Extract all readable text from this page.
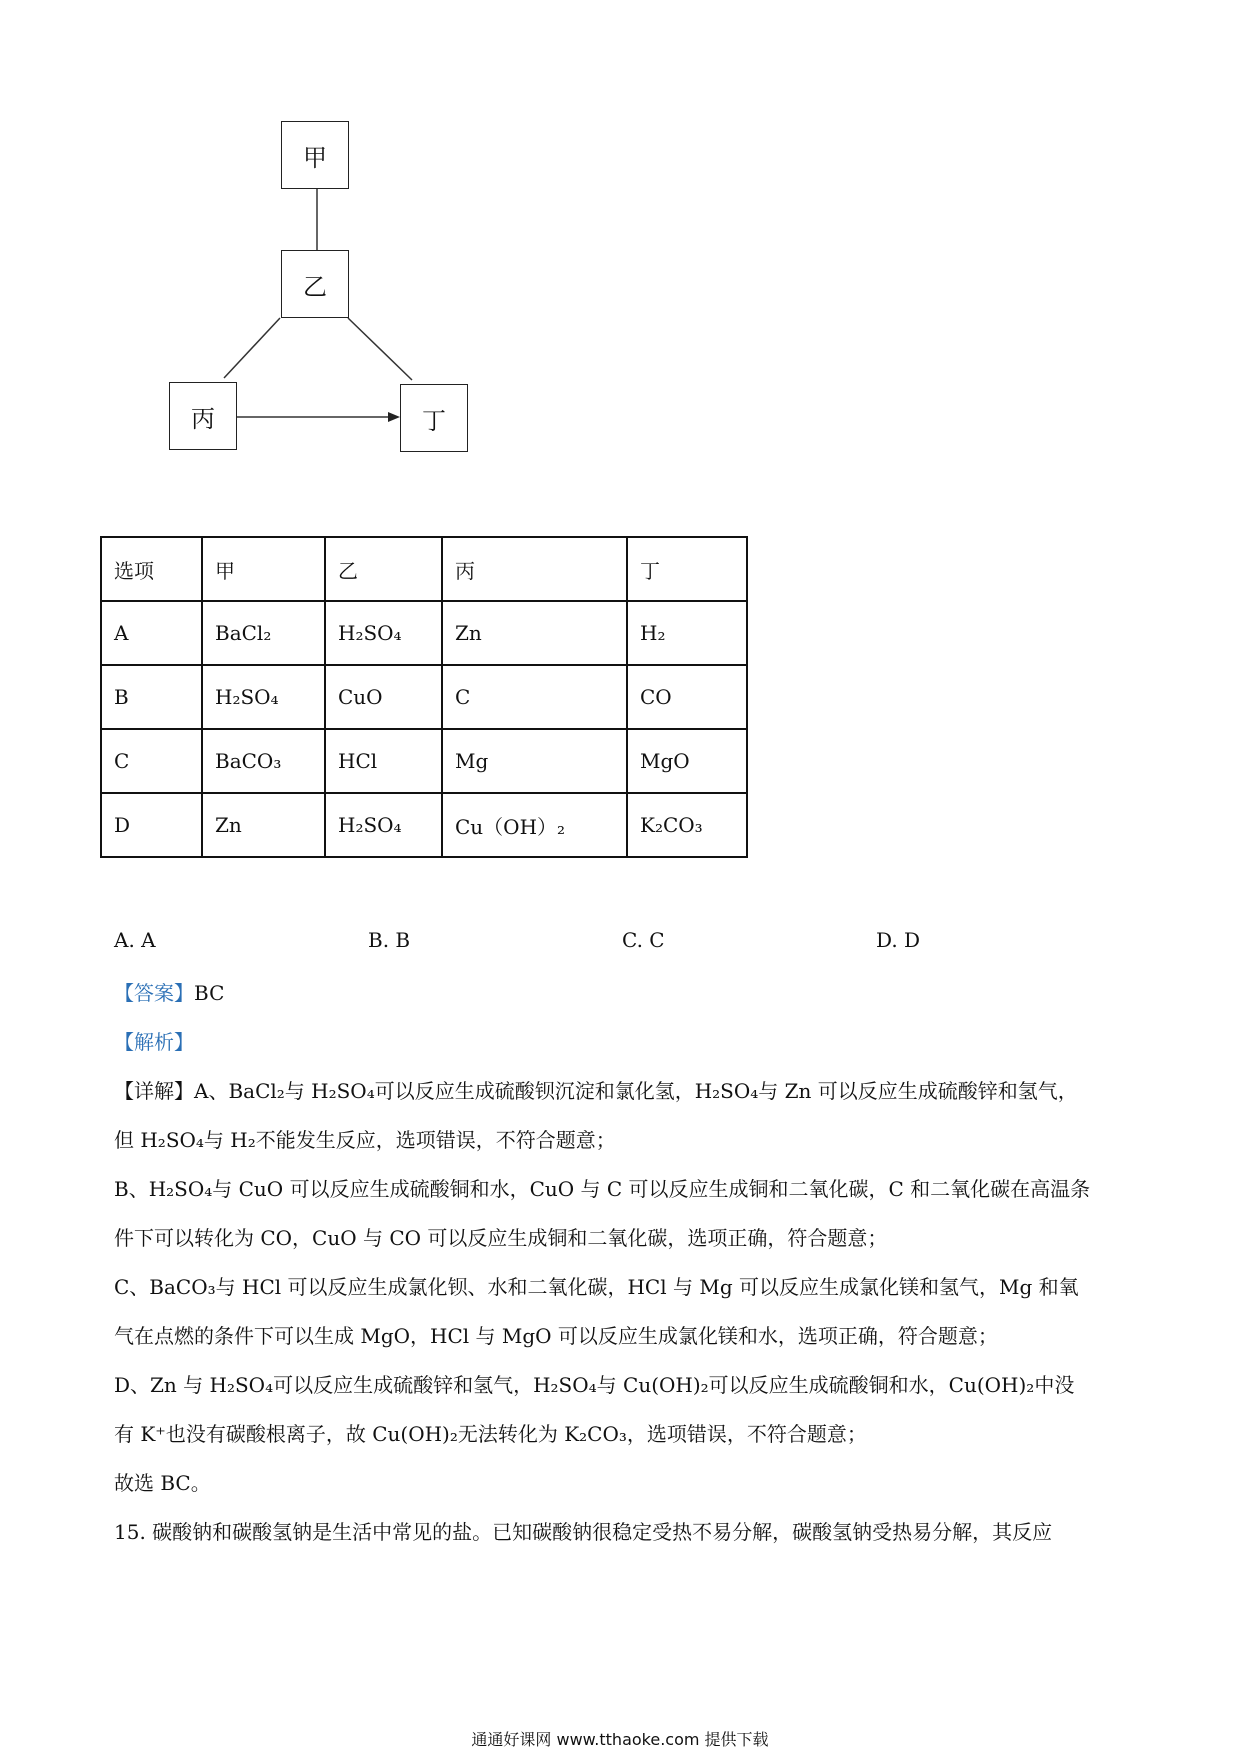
甲
乙
丙	丁
选项	甲	乙	丙	丁
A	BaCl₂	H₂SO₄	Zn	H₂
B	H₂SO₄	CuO	C	CO
C	BaCO₃	HCl	Mg	MgO
D	Zn	H₂SO₄	Cu（OH）₂	K₂CO₃
A. A	B. B	C. C	D. D
【答案】BC
【解析】
【详解】A、BaCl₂与 H₂SO₄可以反应生成硫酸钡沉淀和氯化氢，H₂SO₄与 Zn 可以反应生成硫酸锌和氢气，
但 H₂SO₄与 H₂不能发生反应，选项错误，不符合题意；
B、H₂SO₄与 CuO 可以反应生成硫酸铜和水，CuO 与 C 可以反应生成铜和二氧化碳，C 和二氧化碳在高温条
件下可以转化为 CO，CuO 与 CO 可以反应生成铜和二氧化碳，选项正确，符合题意；
C、BaCO₃与 HCl 可以反应生成氯化钡、水和二氧化碳，HCl 与 Mg 可以反应生成氯化镁和氢气，Mg 和氧
气在点燃的条件下可以生成 MgO，HCl 与 MgO 可以反应生成氯化镁和水，选项正确，符合题意；
D、Zn 与 H₂SO₄可以反应生成硫酸锌和氢气，H₂SO₄与 Cu(OH)₂可以反应生成硫酸铜和水，Cu(OH)₂中没
有 K⁺也没有碳酸根离子，故 Cu(OH)₂无法转化为 K₂CO₃，选项错误，不符合题意；
故选 BC。
15. 碳酸钠和碳酸氢钠是生活中常见的盐。已知碳酸钠很稳定受热不易分解，碳酸氢钠受热易分解，其反应
通通好课网 www.tthaoke.com 提供下载
